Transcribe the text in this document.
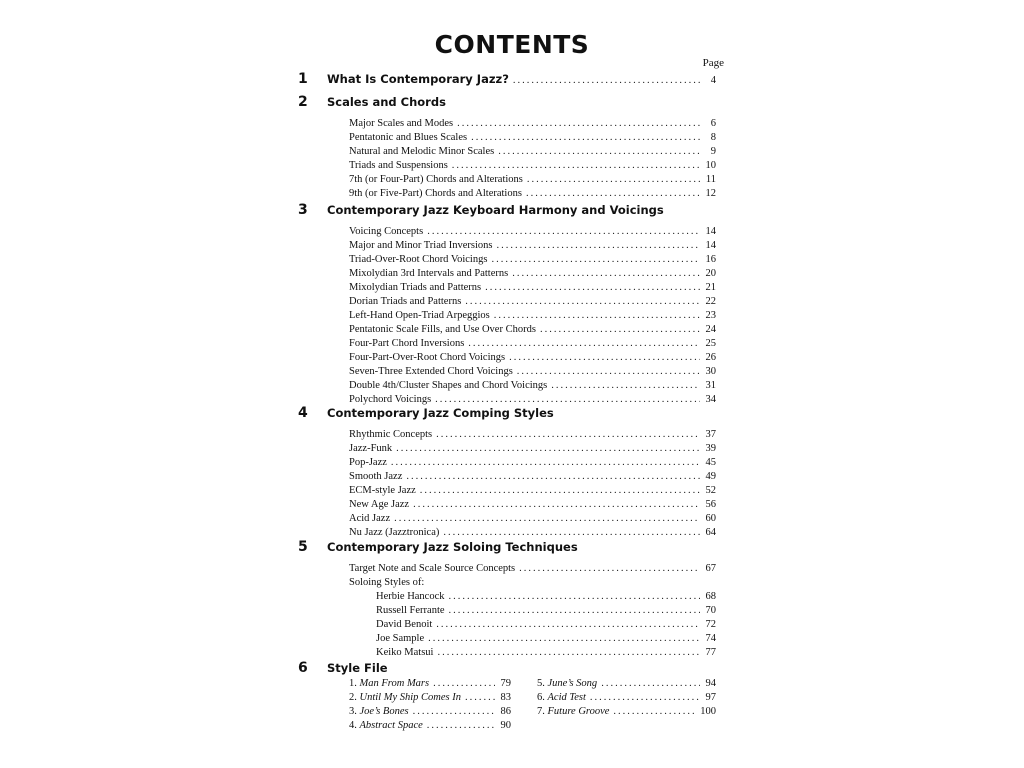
CONTENTS
Page
1	What Is Contemporary Jazz? .....	4
2	Scales and Chords
Major Scales and Modes .....	6
Pentatonic and Blues Scales .....	8
Natural and Melodic Minor Scales .....	9
Triads and Suspensions .....	10
7th (or Four-Part) Chords and Alterations .....	11
9th (or Five-Part) Chords and Alterations .....	12
3	Contemporary Jazz Keyboard Harmony and Voicings
Voicing Concepts .....	14
Major and Minor Triad Inversions .....	14
Triad-Over-Root Chord Voicings .....	16
Mixolydian 3rd Intervals and Patterns .....	20
Mixolydian Triads and Patterns .....	21
Dorian Triads and Patterns .....	22
Left-Hand Open-Triad Arpeggios .....	23
Pentatonic Scale Fills, and Use Over Chords .....	24
Four-Part Chord Inversions .....	25
Four-Part-Over-Root Chord Voicings .....	26
Seven-Three Extended Chord Voicings .....	30
Double 4th/Cluster Shapes and Chord Voicings .....	31
Polychord Voicings .....	34
4	Contemporary Jazz Comping Styles
Rhythmic Concepts .....	37
Jazz-Funk .....	39
Pop-Jazz .....	45
Smooth Jazz .....	49
ECM-style Jazz .....	52
New Age Jazz .....	56
Acid Jazz .....	60
Nu Jazz (Jazztronica) .....	64
5	Contemporary Jazz Soloing Techniques
Target Note and Scale Source Concepts .....	67
Soloing Styles of:
Herbie Hancock .....	68
Russell Ferrante .....	70
David Benoit .....	72
Joe Sample .....	74
Keiko Matsui .....	77
6	Style File
1. Man From Mars .....	79
2. Until My Ship Comes In .....	83
3. Joe’s Bones .....	86
4. Abstract Space .....	90
5. June’s Song .....	94
6. Acid Test .....	97
7. Future Groove .....	100
